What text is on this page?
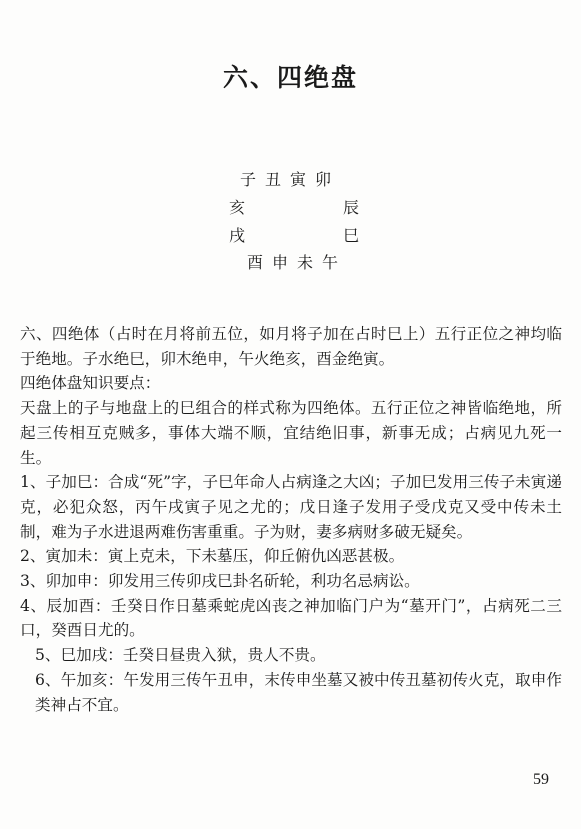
六、四绝盘
子丑寅卯
亥	辰
戌	巳
酉申未午

六、四绝体（占时在月将前五位，如月将子加在占时巳上）五行正位之神均临于绝地。子水绝巳，卯木绝申，午火绝亥，酉金绝寅。

四绝体盘知识要点：

天盘上的子与地盘上的巳组合的样式称为四绝体。五行正位之神皆临绝地，所起三传相互克贼多，事体大端不顺，宜结绝旧事，新事无成；占病见九死一生。

1、子加巳：合成“死”字，子巳年命人占病逢之大凶；子加巳发用三传子未寅递克，必犯众怒，丙午戌寅子见之尤的；戊日逢子发用子受戊克又受中传未土制，难为子水进退两难伤害重重。子为财，妻多病财多破无疑矣。

2、寅加未：寅上克未，下未墓压，仰丘俯仇凶恶甚极。

3、卯加申：卯发用三传卯戌巳卦名斫轮，利功名忌病讼。

4、辰加酉：壬癸日作日墓乘蛇虎凶丧之神加临门户为“墓开门”，占病死二三口，癸酉日尤的。

5、巳加戌：壬癸日昼贵入狱，贵人不贵。

6、午加亥：午发用三传午丑申，末传申坐墓又被中传丑墓初传火克，取申作类神占不宜。

59
